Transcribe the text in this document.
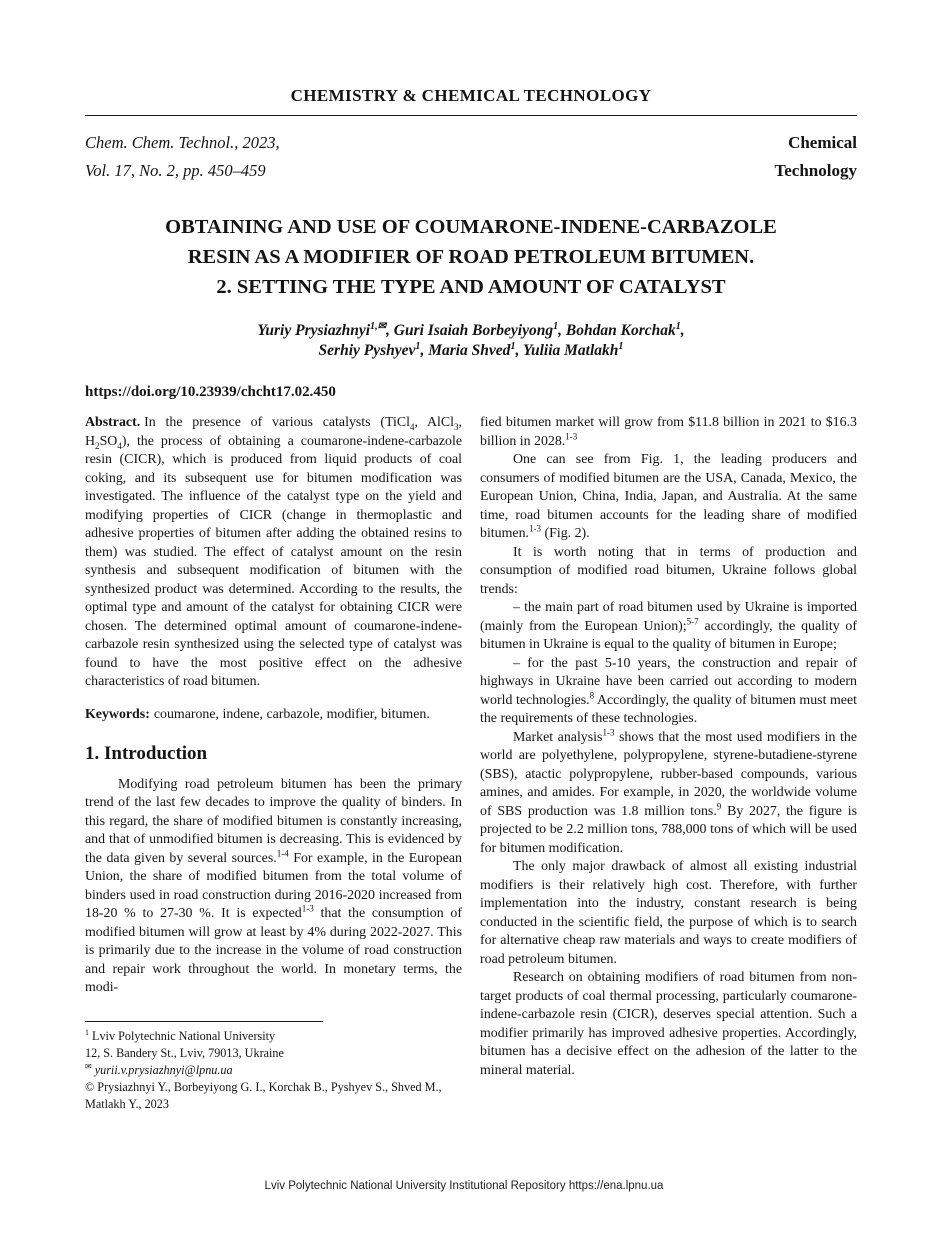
CHEMISTRY & CHEMICAL TECHNOLOGY
Chem. Chem. Technol., 2023,
Vol. 17, No. 2, pp. 450–459
Chemical
Technology
OBTAINING AND USE OF COUMARONE-INDENE-CARBAZOLE
RESIN AS A MODIFIER OF ROAD PETROLEUM BITUMEN.
2. SETTING THE TYPE AND AMOUNT OF CATALYST
Yuriy Prysiazhnyi$^{1,✉}$, Guri Isaiah Borbeyiyong$^1$, Bohdan Korchak$^1$,
Serhiy Pyshyev$^1$, Maria Shved$^1$, Yuliia Matlakh$^1$
https://doi.org/10.23939/chcht17.02.450

Abstract. In the presence of various catalysts (TiCl$_4$, AlCl$_3$, $H_2SO_4$), the process of obtaining a coumarone-indene-carbazole resin (CICR), which is produced from liquid products of coal coking, and its subsequent use for bitumen modification was investigated. The influence of the catalyst type on the yield and modifying properties of CICR (change in thermoplastic and adhesive properties of bitumen after adding the obtained resins to them) was studied. The effect of catalyst amount on the resin synthesis and subsequent modification of bitumen with the synthesized product was determined. According to the results, the optimal type and amount of the catalyst for obtaining CICR were chosen. The determined optimal amount of coumarone-indene-carbazole resin synthesized using the selected type of catalyst was found to have the most positive effect on the adhesive characteristics of road bitumen.

Keywords: coumarone, indene, carbazole, modifier, bitumen.

1. Introduction

Modifying road petroleum bitumen has been the primary trend of the last few decades to improve the quality of binders. In this regard, the share of modified bitumen is constantly increasing, and that of unmodified bitumen is decreasing. This is evidenced by the data given by several sources.$^{1-4}$ For example, in the European Union, the share of modified bitumen from the total volume of binders used in road construction during 2016-2020 increased from 18-20 % to 27-30 %. It is expected$^{1-3}$ that the consumption of modified bitumen will grow at least by 4% during 2022-2027. This is primarily due to the increase in the volume of road construction and repair work throughout the world. In monetary terms, the modi-

$^1$ Lviv Polytechnic National University
12, S. Bandery St., Lviv, 79013, Ukraine
✉ yurii.v.prysiazhnyi@lpnu.ua
© Prysiazhnyi Y., Borbeyiyong G. I., Korchak B., Pyshyev S., Shved M., Matlakh Y., 2023

fied bitumen market will grow from $11.8 billion in 2021 to $16.3 billion in 2028.$^{1-3}$

One can see from Fig. 1, the leading producers and consumers of modified bitumen are the USA, Canada, Mexico, the European Union, China, India, Japan, and Australia. At the same time, road bitumen accounts for the leading share of modified bitumen.$^{1-3}$ (Fig. 2).

It is worth noting that in terms of production and consumption of modified road bitumen, Ukraine follows global trends:

– the main part of road bitumen used by Ukraine is imported (mainly from the European Union);$^{5-7}$ accordingly, the quality of bitumen in Ukraine is equal to the quality of bitumen in Europe;

– for the past 5-10 years, the construction and repair of highways in Ukraine have been carried out according to modern world technologies.$^8$ Accordingly, the quality of bitumen must meet the requirements of these technologies.

Market analysis$^{1-3}$ shows that the most used modifiers in the world are polyethylene, polypropylene, styrene-butadiene-styrene (SBS), atactic polypropylene, rubber-based compounds, various amines, and amides. For example, in 2020, the worldwide volume of SBS production was 1.8 million tons.$^9$ By 2027, the figure is projected to be 2.2 million tons, 788,000 tons of which will be used for bitumen modification.

The only major drawback of almost all existing industrial modifiers is their relatively high cost. Therefore, with further implementation into the industry, constant research is being conducted in the scientific field, the purpose of which is to search for alternative cheap raw materials and ways to create modifiers of road petroleum bitumen.

Research on obtaining modifiers of road bitumen from non-target products of coal thermal processing, particularly coumarone-indene-carbazole resin (CICR), deserves special attention. Such a modifier primarily has improved adhesive properties. Accordingly, bitumen has a decisive effect on the adhesion of the latter to the mineral material.

Lviv Polytechnic National University Institutional Repository https://ena.lpnu.ua
